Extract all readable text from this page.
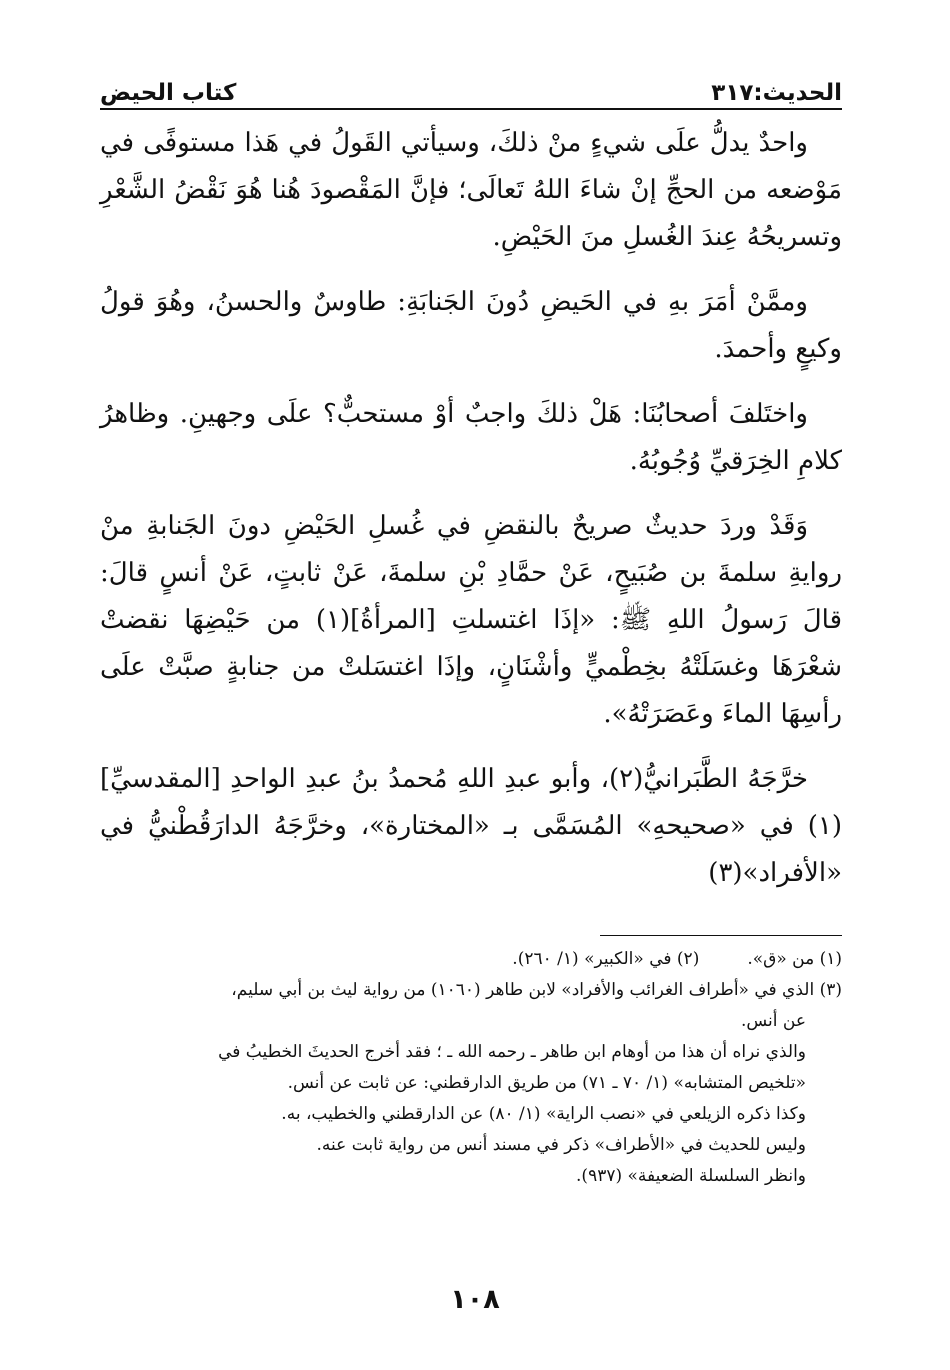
الحديث:٣١٧
كتاب الحيض

واحدٌ يدلُّ علَى شيءٍ منْ ذلكَ، وسيأتي القَولُ في هَذا مستوفًى في مَوْضعه من الحجِّ إنْ شاءَ اللهُ تَعالَى؛ فإنَّ المَقْصودَ هُنا هُوَ نَقْضُ الشَّعْرِ وتسريحُهُ عِندَ الغُسلِ منَ الحَيْضِ.

وممَّنْ أمَرَ بهِ في الحَيضِ دُونَ الجَنابَةِ: طاوسٌ والحسنُ، وهُوَ قولُ وكيعٍ وأحمدَ.

واختَلفَ أصحابُنَا: هَلْ ذلكَ واجبٌ أوْ مستحبٌّ؟ علَى وجهينِ. وظاهرُ كلامِ الخِرَقيِّ وُجُوبُهُ.

وَقَدْ وردَ حديثٌ صريحٌ بالنقضِ في غُسلِ الحَيْضِ دونَ الجَنابةِ منْ روايةِ سلمةَ بن صُبَيحٍ، عَنْ حمَّادِ بْنِ سلمةَ، عَنْ ثابتٍ، عَنْ أنسٍ قالَ: قالَ رَسولُ اللهِ ﷺ: «إذَا اغتسلتِ [المرأةُ](١) من حَيْضِهَا نقضتْ شعْرَهَا وغسَلَتْهُ بخِطْميٍّ وأشْنَانٍ، وإذَا اغتسَلتْ من جنابةٍ صبَّتْ علَى رأسِهَا الماءَ وعَصَرَتْهُ».

خرَّجَهُ الطَّبَرانيُّ(٢)، وأبو عبدِ اللهِ مُحمدُ بنُ عبدِ الواحدِ [المقدسيِّ](١) في «صحيحهِ» المُسَمَّى بـ «المختارة»، وخرَّجَهُ الدارَقُطْنيُّ في «الأفراد»(٣)

(١) من «ق».
(٢) في «الكبير» (١/ ٢٦٠).
(٣) الذي في «أطراف الغرائب والأفراد» لابن طاهر (١٠٦٠) من رواية ليث بن أبي سليم،
عن أنس.
والذي نراه أن هذا من أوهام ابن طاهر ـ رحمه الله ـ ؛ فقد أخرج الحديثَ الخطيبُ في
«تلخيص المتشابه» (١/ ٧٠ ـ ٧١) من طريق الدارقطني: عن ثابت عن أنس.
وكذا ذكره الزيلعي في «نصب الراية» (١/ ٨٠) عن الدارقطني والخطيب، به.
وليس للحديث في «الأطراف» ذكر في مسند أنس من رواية ثابت عنه.
وانظر السلسلة الضعيفة» (٩٣٧).
١٠٨
